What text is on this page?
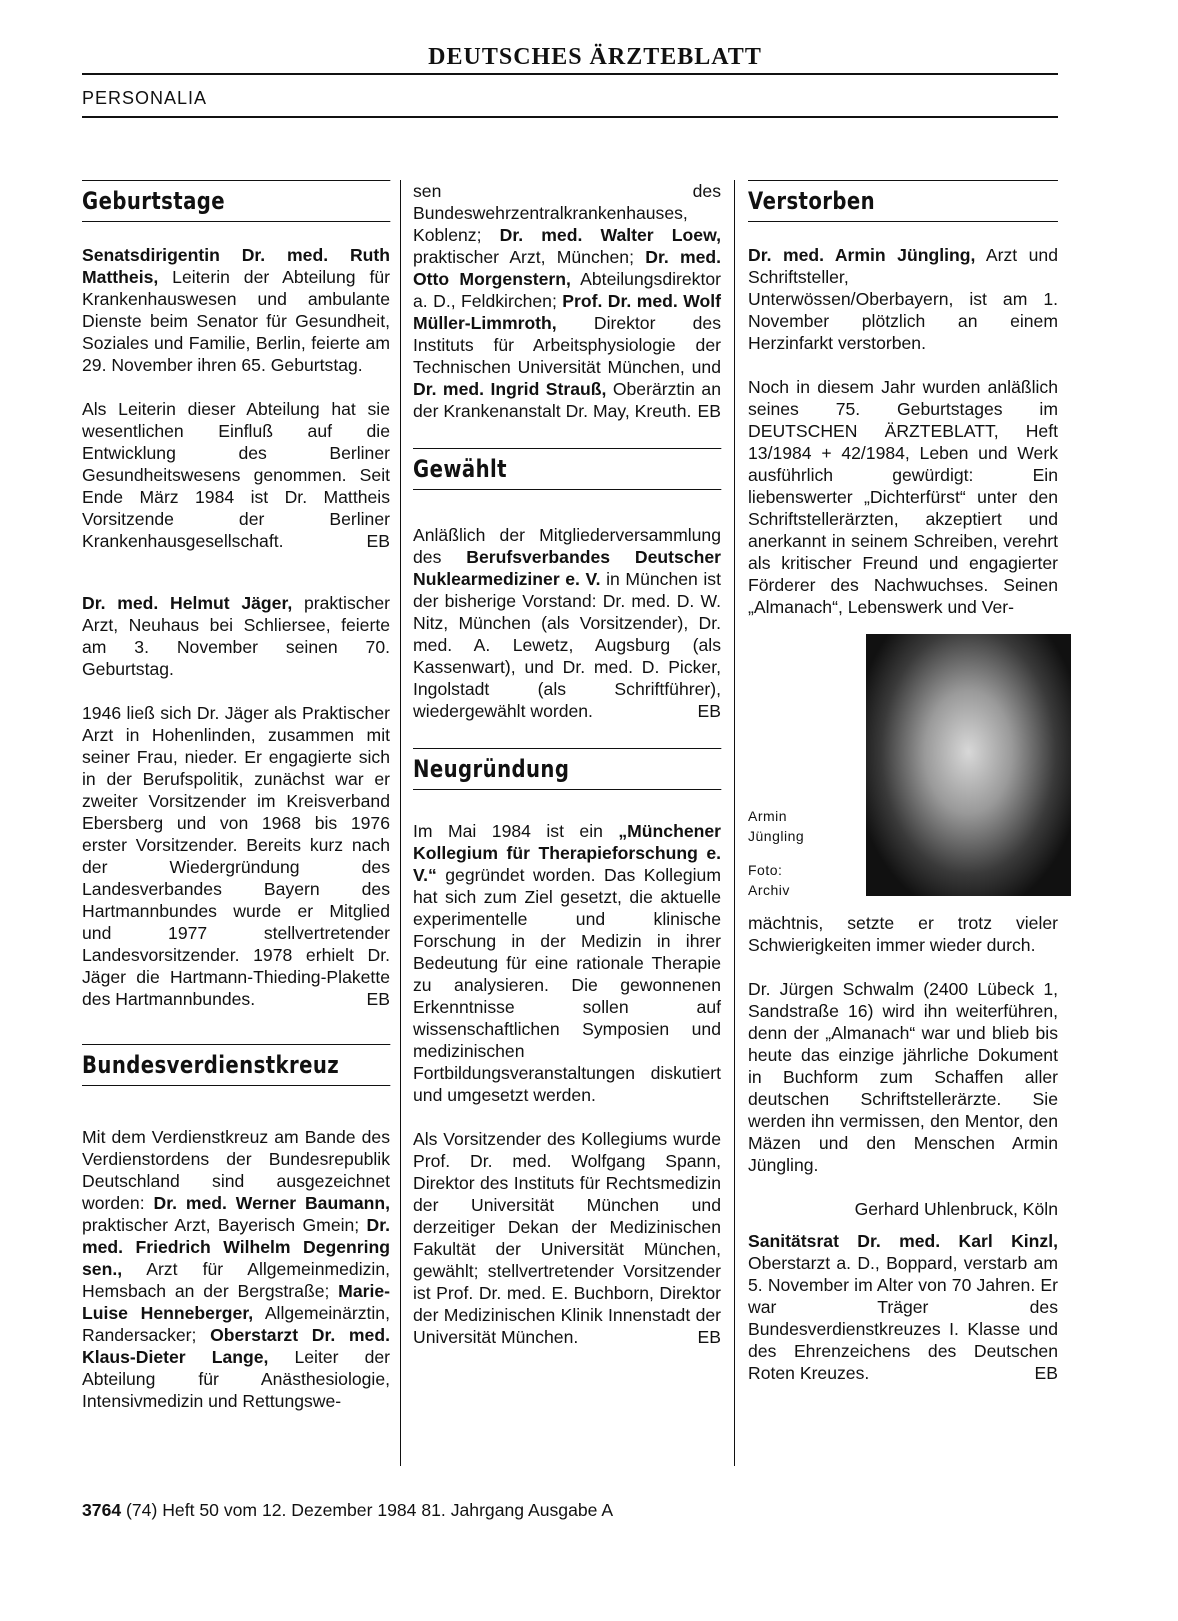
DEUTSCHES ÄRZTEBLATT
PERSONALIA
Geburtstage

Senatsdirigentin Dr. med. Ruth Mattheis, Leiterin der Abteilung für Krankenhauswesen und ambulante Dienste beim Senator für Gesundheit, Soziales und Familie, Berlin, feierte am 29. November ihren 65. Geburtstag.

Als Leiterin dieser Abteilung hat sie wesentlichen Einfluß auf die Entwicklung des Berliner Gesundheitswesens genommen. Seit Ende März 1984 ist Dr. Mattheis Vorsitzende der Berliner Krankenhausgesellschaft.	EB

Dr. med. Helmut Jäger, praktischer Arzt, Neuhaus bei Schliersee, feierte am 3. November seinen 70. Geburtstag.

1946 ließ sich Dr. Jäger als Praktischer Arzt in Hohenlinden, zusammen mit seiner Frau, nieder. Er engagierte sich in der Berufspolitik, zunächst war er zweiter Vorsitzender im Kreisverband Ebersberg und von 1968 bis 1976 erster Vorsitzender. Bereits kurz nach der Wiedergründung des Landesverbandes Bayern des Hartmannbundes wurde er Mitglied und 1977 stellvertretender Landesvorsitzender. 1978 erhielt Dr. Jäger die Hartmann-Thieding-Plakette des Hartmannbundes.	EB

Bundesverdienstkreuz

Mit dem Verdienstkreuz am Bande des Verdienstordens der Bundesrepublik Deutschland sind ausgezeichnet worden: Dr. med. Werner Baumann, praktischer Arzt, Bayerisch Gmein; Dr. med. Friedrich Wilhelm Degenring sen., Arzt für Allgemeinmedizin, Hemsbach an der Bergstraße; Marie-Luise Henneberger, Allgemeinärztin, Randersacker; Oberstarzt Dr. med. Klaus-Dieter Lange, Leiter der Abteilung für Anästhesiologie, Intensivmedizin und Rettungswe-

sen des Bundeswehrzentralkrankenhauses, Koblenz; Dr. med. Walter Loew, praktischer Arzt, München; Dr. med. Otto Morgenstern, Abteilungsdirektor a. D., Feldkirchen; Prof. Dr. med. Wolf Müller-Limmroth, Direktor des Instituts für Arbeitsphysiologie der Technischen Universität München, und Dr. med. Ingrid Strauß, Oberärztin an der Krankenanstalt Dr. May, Kreuth. EB

Gewählt

Anläßlich der Mitgliederversammlung des Berufsverbandes Deutscher Nuklearmediziner e. V. in München ist der bisherige Vorstand: Dr. med. D. W. Nitz, München (als Vorsitzender), Dr. med. A. Lewetz, Augsburg (als Kassenwart), und Dr. med. D. Picker, Ingolstadt (als Schriftführer), wiedergewählt worden.	EB

Neugründung

Im Mai 1984 ist ein „Münchener Kollegium für Therapieforschung e. V.“ gegründet worden. Das Kollegium hat sich zum Ziel gesetzt, die aktuelle experimentelle und klinische Forschung in der Medizin in ihrer Bedeutung für eine rationale Therapie zu analysieren. Die gewonnenen Erkenntnisse sollen auf wissenschaftlichen Symposien und medizinischen Fortbildungsveranstaltungen diskutiert und umgesetzt werden.

Als Vorsitzender des Kollegiums wurde Prof. Dr. med. Wolfgang Spann, Direktor des Instituts für Rechtsmedizin der Universität München und derzeitiger Dekan der Medizinischen Fakultät der Universität München, gewählt; stellvertretender Vorsitzender ist Prof. Dr. med. E. Buchborn, Direktor der Medizinischen Klinik Innenstadt der Universität München.	EB

Verstorben

Dr. med. Armin Jüngling, Arzt und Schriftsteller, Unterwössen/Oberbayern, ist am 1. November plötzlich an einem Herzinfarkt verstorben.

Noch in diesem Jahr wurden anläßlich seines 75. Geburtstages im DEUTSCHEN ÄRZTEBLATT, Heft 13/1984 + 42/1984, Leben und Werk ausführlich gewürdigt: Ein liebenswerter „Dichterfürst“ unter den Schriftstellerärzten, akzeptiert und anerkannt in seinem Schreiben, verehrt als kritischer Freund und engagierter Förderer des Nachwuchses. Seinen „Almanach“, Lebenswerk und Ver-

Armin
Jüngling
Foto:
Archiv

mächtnis, setzte er trotz vieler Schwierigkeiten immer wieder durch.

Dr. Jürgen Schwalm (2400 Lübeck 1, Sandstraße 16) wird ihn weiterführen, denn der „Almanach“ war und blieb bis heute das einzige jährliche Dokument in Buchform zum Schaffen aller deutschen Schriftstellerärzte. Sie werden ihn vermissen, den Mentor, den Mäzen und den Menschen Armin Jüngling.

Gerhard Uhlenbruck, Köln

Sanitätsrat Dr. med. Karl Kinzl, Oberstarzt a. D., Boppard, verstarb am 5. November im Alter von 70 Jahren. Er war Träger des Bundesverdienstkreuzes I. Klasse und des Ehrenzeichens des Deutschen Roten Kreuzes.	EB

3764 (74) Heft 50 vom 12. Dezember 1984 81. Jahrgang Ausgabe A
